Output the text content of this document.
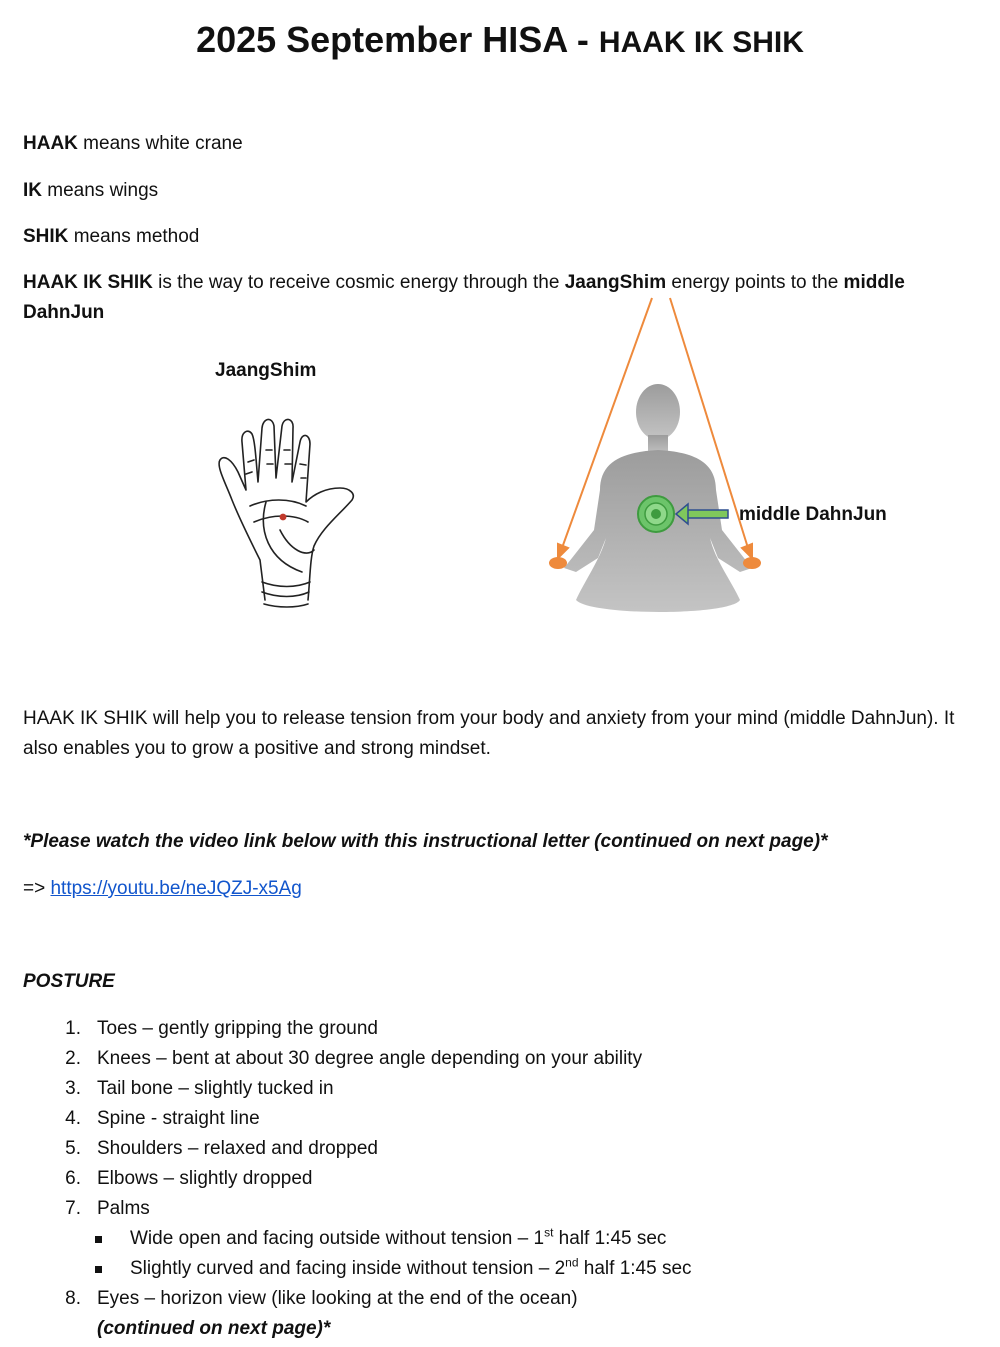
2025 September HISA - HAAK IK SHIK
HAAK means white crane
IK means wings
SHIK means method
HAAK IK SHIK is the way to receive cosmic energy through the JaangShim energy points to the middle DahnJun
JaangShim
middle DahnJun
HAAK IK SHIK will help you to release tension from your body and anxiety from your mind (middle DahnJun). It also enables you to grow a positive and strong mindset.
*Please watch the video link below with this instructional letter (continued on next page)*
=> https://youtu.be/neJQZJ-x5Ag
POSTURE
1. Toes – gently gripping the ground
2. Knees – bent at about 30 degree angle depending on your ability
3. Tail bone – slightly tucked in
4. Spine - straight line
5. Shoulders – relaxed and dropped
6. Elbows – slightly dropped
7. Palms
Wide open and facing outside without tension – 1st half 1:45 sec
Slightly curved and facing inside without tension – 2nd half 1:45 sec
8. Eyes – horizon view (like looking at the end of the ocean)
(continued on next page)*
